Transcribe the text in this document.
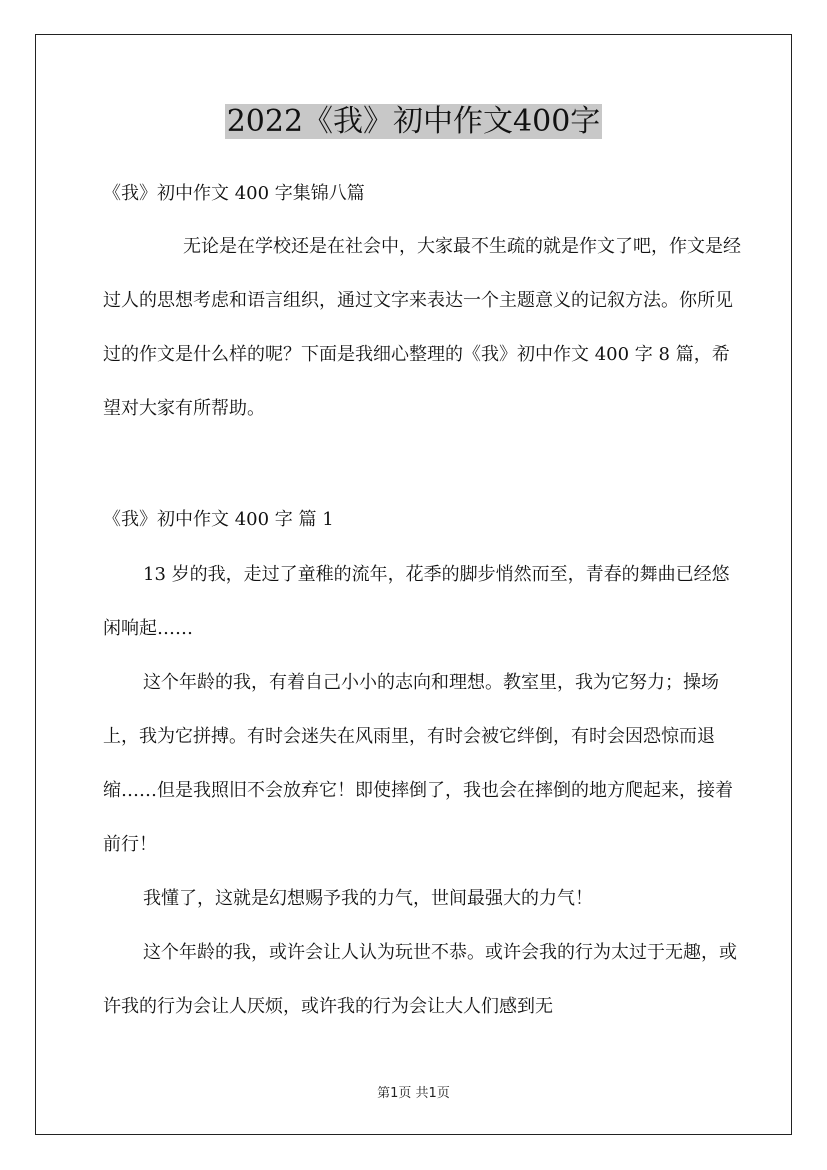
2022《我》初中作文400字
《我》初中作文 400 字集锦八篇

无论是在学校还是在社会中，大家最不生疏的就是作文了吧，作文是经过人的思想考虑和语言组织，通过文字来表达一个主题意义的记叙方法。你所见过的作文是什么样的呢？下面是我细心整理的《我》初中作文 400 字 8 篇，希望对大家有所帮助。

《我》初中作文 400 字 篇 1

13 岁的我，走过了童稚的流年，花季的脚步悄然而至，青春的舞曲已经悠闲响起……

这个年龄的我，有着自己小小的志向和理想。教室里，我为它努力；操场上，我为它拼搏。有时会迷失在风雨里，有时会被它绊倒，有时会因恐惊而退缩……但是我照旧不会放弃它！即使摔倒了，我也会在摔倒的地方爬起来，接着前行！

我懂了，这就是幻想赐予我的力气，世间最强大的力气！

这个年龄的我，或许会让人认为玩世不恭。或许会我的行为太过于无趣，或许我的行为会让人厌烦，或许我的行为会让大人们感到无

第1页 共1页
